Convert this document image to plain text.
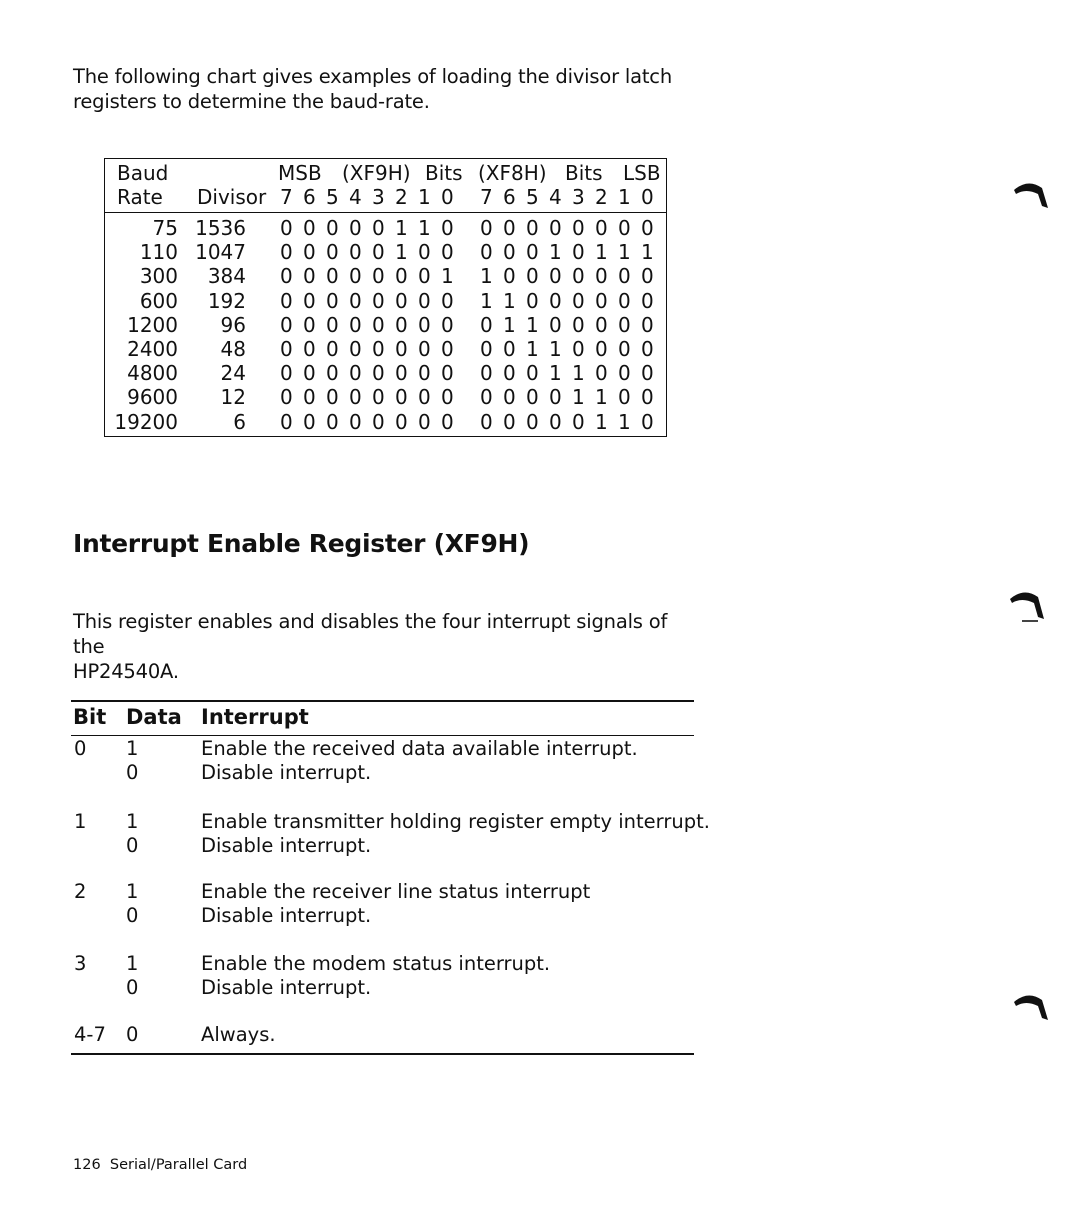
The following chart gives examples of loading the divisor latch

registers to determine the baud-rate.

Baud	MSB (XF9H) Bits (XF8H) Bits LSB
Rate Divisor 7 6 5 4 3 2 1 0 7 6 5 4 3 2 1 0
75 1536 0 0 0 0 0 1 1 0 0 0 0 0 0 0 0 0
110 1047 0 0 0 0 0 1 0 0 0 0 0 1 0 1 1 1
300	384 0 0 0 0 0 0 0 1 1 0 0 0 0 0 0 0
600	192 0 0 0 0 0 0 0 0 1 1 0 0 0 0 0 0
1200	96 0 0 0 0 0 0 0 0 0 1 1 0 0 0 0 0
2400	48 0 0 0 0 0 0 0 0 0 0 1 1 0 0 0 0
4800	24 0 0 0 0 0 0 0 0 0 0 0 1 1 0 0 0
9600	12 0 0 0 0 0 0 0 0 0 0 0 0 1 1 0 0
19200	6 0 0 0 0 0 0 0 0 0 0 0 0 0 1 1 0
Interrupt Enable Register (XF9H)

This register enables and disables the four interrupt signals of the

HP24540A.

Bit Data Interrupt
0 1	Enable the received data available interrupt.
0	Disable interrupt.
1 1	Enable transmitter holding register empty interrupt.
0	Disable interrupt.
2 1	Enable the receiver line status interrupt
0	Disable interrupt.
3 1	Enable the modem status interrupt.
0	Disable interrupt.
4-7 0	Always.
126 Serial/Parallel Card
